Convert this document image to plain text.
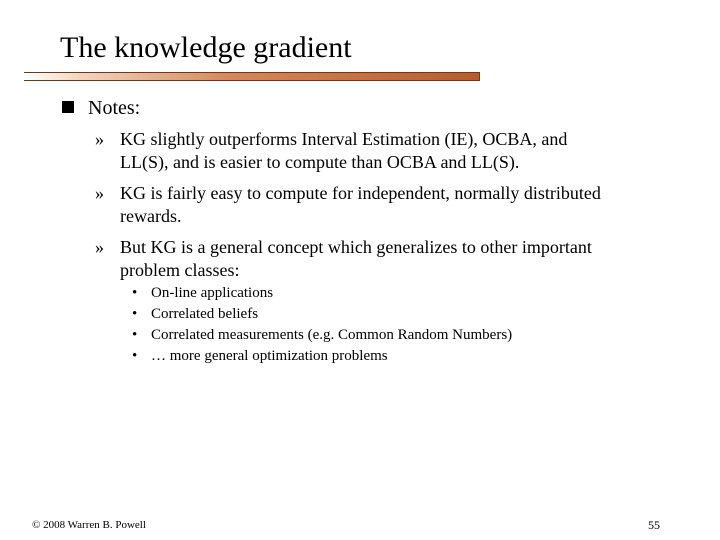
The knowledge gradient
Notes:
» KG slightly outperforms Interval Estimation (IE), OCBA, and
LL(S), and is easier to compute than OCBA and LL(S).
» KG is fairly easy to compute for independent, normally distributed
rewards.
» But KG is a general concept which generalizes to other important
problem classes:
• On-line applications
• Correlated beliefs
• Correlated measurements (e.g. Common Random Numbers)
• … more general optimization problems
© 2008 Warren B. Powell	55
